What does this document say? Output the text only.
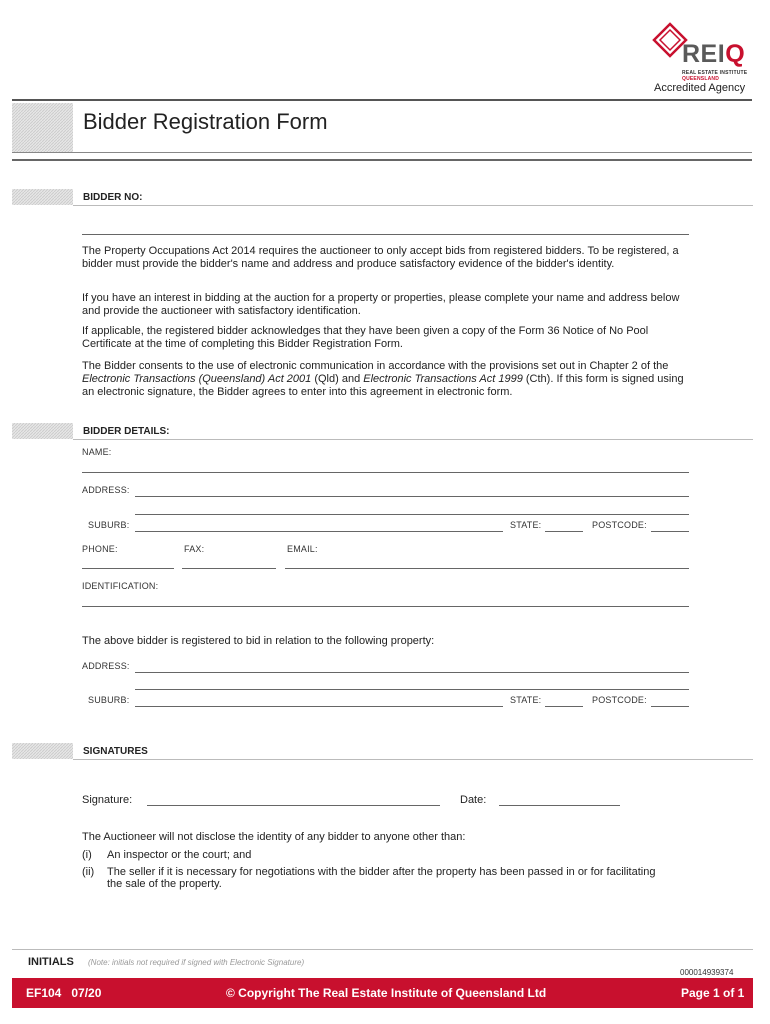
REIQ
REAL ESTATE INSTITUTE
QUEENSLAND
Accredited Agency
Bidder Registration Form
BIDDER NO:
The Property Occupations Act 2014 requires the auctioneer to only accept bids from registered bidders. To be registered, a bidder must provide the bidder's name and address and produce satisfactory evidence of the bidder's identity.
If you have an interest in bidding at the auction for a property or properties, please complete your name and address below and provide the auctioneer with satisfactory identification.
If applicable, the registered bidder acknowledges that they have been given a copy of the Form 36 Notice of No Pool Certificate at the time of completing this Bidder Registration Form.
The Bidder consents to the use of electronic communication in accordance with the provisions set out in Chapter 2 of the Electronic Transactions (Queensland) Act 2001 (Qld) and Electronic Transactions Act 1999 (Cth). If this form is signed using an electronic signature, the Bidder agrees to enter into this agreement in electronic form.
BIDDER DETAILS:
NAME:
ADDRESS:
SUBURB:	STATE:	POSTCODE:
PHONE:	FAX:	EMAIL:
IDENTIFICATION:
The above bidder is registered to bid in relation to the following property:
ADDRESS:
SUBURB:	STATE:	POSTCODE:
SIGNATURES
Signature:	Date:
The Auctioneer will not disclose the identity of any bidder to anyone other than:
(i) An inspector or the court; and
(ii) The seller if it is necessary for negotiations with the bidder after the property has been passed in or for facilitating the sale of the property.
INITIALS (Note: initials not required if signed with Electronic Signature)
000014939374
EF104   07/20	© Copyright The Real Estate Institute of Queensland Ltd	Page 1 of 1
